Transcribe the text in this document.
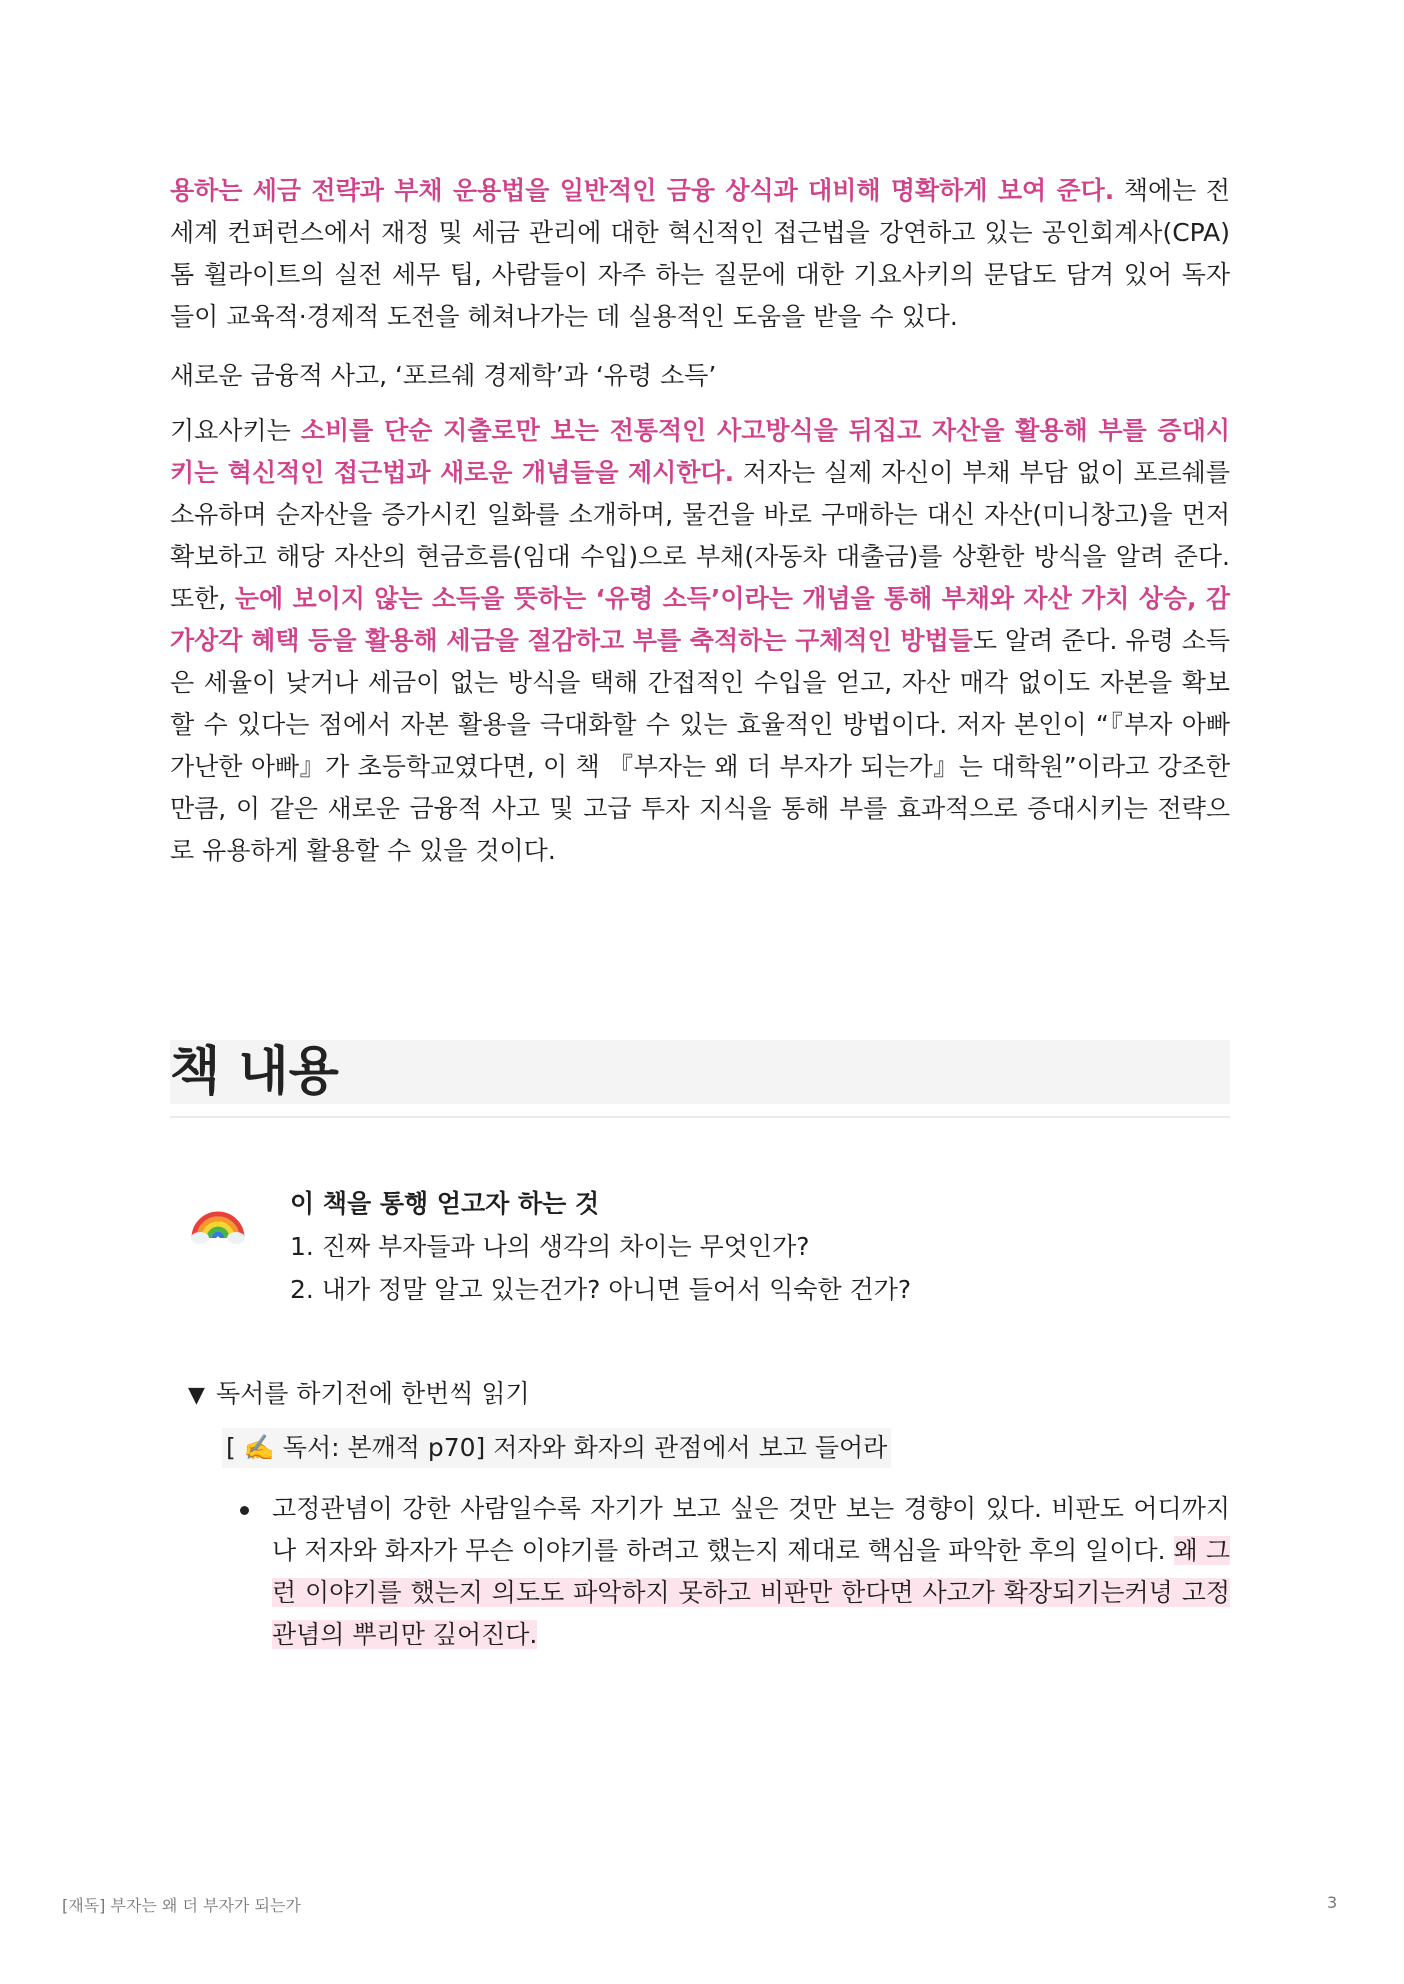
용하는 세금 전략과 부채 운용법을 일반적인 금융 상식과 대비해 명확하게 보여 준다. 책에는 전 세계 컨퍼런스에서 재정 및 세금 관리에 대한 혁신적인 접근법을 강연하고 있는 공인회계사(CPA) 톰 휠라이트의 실전 세무 팁, 사람들이 자주 하는 질문에 대한 기요사키의 문답도 담겨 있어 독자들이 교육적·경제적 도전을 헤쳐나가는 데 실용적인 도움을 받을 수 있다.

새로운 금융적 사고, ‘포르쉐 경제학’과 ‘유령 소득’

기요사키는 소비를 단순 지출로만 보는 전통적인 사고방식을 뒤집고 자산을 활용해 부를 증대시키는 혁신적인 접근법과 새로운 개념들을 제시한다. 저자는 실제 자신이 부채 부담 없이 포르쉐를 소유하며 순자산을 증가시킨 일화를 소개하며, 물건을 바로 구매하는 대신 자산(미니창고)을 먼저 확보하고 해당 자산의 현금흐름(임대 수입)으로 부채(자동차 대출금)를 상환한 방식을 알려 준다. 또한, 눈에 보이지 않는 소득을 뜻하는 ‘유령 소득’이라는 개념을 통해 부채와 자산 가치 상승, 감가상각 혜택 등을 활용해 세금을 절감하고 부를 축적하는 구체적인 방법들도 알려 준다. 유령 소득은 세율이 낮거나 세금이 없는 방식을 택해 간접적인 수입을 얻고, 자산 매각 없이도 자본을 확보할 수 있다는 점에서 자본 활용을 극대화할 수 있는 효율적인 방법이다. 저자 본인이 “『부자 아빠 가난한 아빠』가 초등학교였다면, 이 책 『부자는 왜 더 부자가 되는가』는 대학원”이라고 강조한 만큼, 이 같은 새로운 금융적 사고 및 고급 투자 지식을 통해 부를 효과적으로 증대시키는 전략으로 유용하게 활용할 수 있을 것이다.

책 내용
이 책을 통행 얻고자 하는 것
1. 진짜 부자들과 나의 생각의 차이는 무엇인가?
2. 내가 정말 알고 있는건가? 아니면 들어서 익숙한 건가?
▼ 독서를 하기전에 한번씩 읽기
[ ✍️ 독서: 본깨적 p70] 저자와 화자의 관점에서 보고 들어라
고정관념이 강한 사람일수록 자기가 보고 싶은 것만 보는 경향이 있다. 비판도 어디까지나 저자와 화자가 무슨 이야기를 하려고 했는지 제대로 핵심을 파악한 후의 일이다. 왜 그런 이야기를 했는지 의도도 파악하지 못하고 비판만 한다면 사고가 확장되기는커녕 고정관념의 뿌리만 깊어진다.
[재독] 부자는 왜 더 부자가 되는가	3
